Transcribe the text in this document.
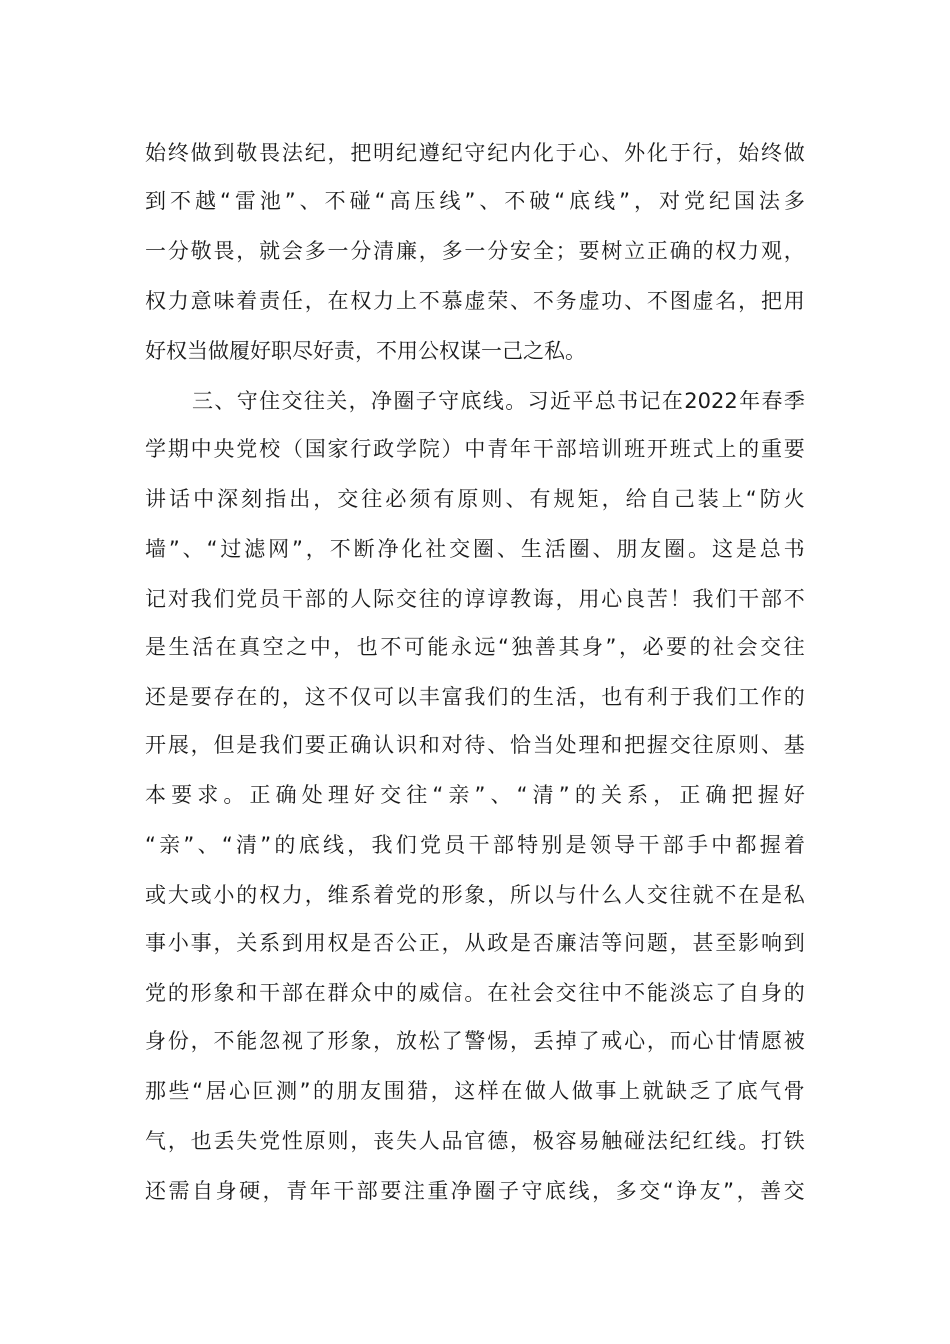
始 终 做 到 敬 畏 法 纪 ， 把 明 纪 遵 纪 守 纪 内 化 于 心 、 外 化 于 行 ， 始 终 做
到 不 越 “ 雷 池 ” 、 不 碰 “ 高 压 线 ” 、 不 破 “ 底 线 ” ， 对 党 纪 国 法 多
一 分 敬 畏 ， 就 会 多 一 分 清 廉 ， 多 一 分 安 全 ； 要 树 立 正 确 的 权 力 观 ，
权 力 意 味 着 责 任 ， 在 权 力 上 不 慕 虚 荣 、 不 务 虚 功 、 不 图 虚 名 ， 把 用
好权当做履好职尽好责，不用公权谋一己之私。
三 、 守 住 交 往 关 ， 净 圈 子 守 底 线 。 习 近 平 总 书 记 在 2022 年 春 季
学 期 中 央 党 校 （ 国 家 行 政 学 院 ） 中 青 年 干 部 培 训 班 开 班 式 上 的 重 要
讲 话 中 深 刻 指 出 ， 交 往 必 须 有 原 则 、 有 规 矩 ， 给 自 己 装 上 “ 防 火
墙 ” 、 “ 过 滤 网 ” ， 不 断 净 化 社 交 圈 、 生 活 圈 、 朋 友 圈 。 这 是 总 书
记 对 我 们 党 员 干 部 的 人 际 交 往 的 谆 谆 教 诲 ， 用 心 良 苦 ！ 我 们 干 部 不
是 生 活 在 真 空 之 中 ， 也 不 可 能 永 远 “ 独 善 其 身 ” ， 必 要 的 社 会 交 往
还 是 要 存 在 的 ， 这 不 仅 可 以 丰 富 我 们 的 生 活 ， 也 有 利 于 我 们 工 作 的
开 展 ， 但 是 我 们 要 正 确 认 识 和 对 待 、 恰 当 处 理 和 把 握 交 往 原 则 、 基
本 要 求 。 正 确 处 理 好 交 往 “ 亲 ” 、 “ 清 ” 的 关 系 ， 正 确 把 握 好
“ 亲 ” 、 “ 清 ” 的 底 线 ， 我 们 党 员 干 部 特 别 是 领 导 干 部 手 中 都 握 着
或 大 或 小 的 权 力 ， 维 系 着 党 的 形 象 ， 所 以 与 什 么 人 交 往 就 不 在 是 私
事 小 事 ， 关 系 到 用 权 是 否 公 正 ， 从 政 是 否 廉 洁 等 问 题 ， 甚 至 影 响 到
党 的 形 象 和 干 部 在 群 众 中 的 威 信 。 在 社 会 交 往 中 不 能 淡 忘 了 自 身 的
身 份 ， 不 能 忽 视 了 形 象 ， 放 松 了 警 惕 ， 丢 掉 了 戒 心 ， 而 心 甘 情 愿 被
那 些 “ 居 心 叵 测 ” 的 朋 友 围 猎 ， 这 样 在 做 人 做 事 上 就 缺 乏 了 底 气 骨
气 ， 也 丢 失 党 性 原 则 ， 丧 失 人 品 官 德 ， 极 容 易 触 碰 法 纪 红 线 。 打 铁
还 需 自 身 硬 ， 青 年 干 部 要 注 重 净 圈 子 守 底 线 ， 多 交 “ 诤 友 ” ， 善 交
